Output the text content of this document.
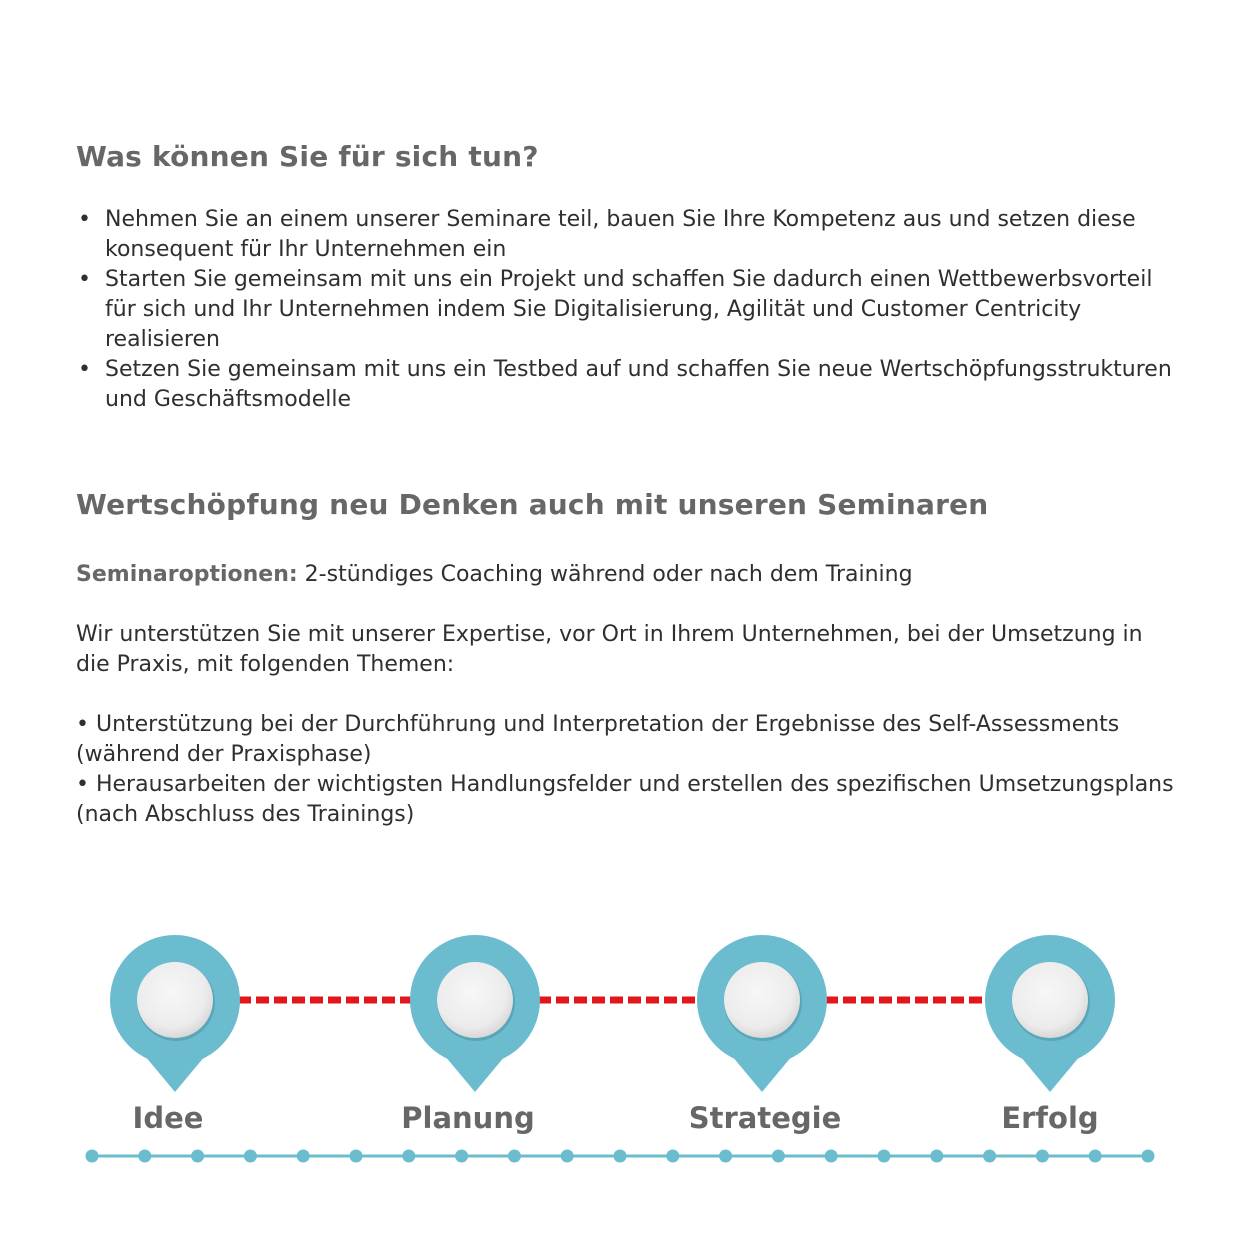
Was können Sie für sich tun?
• Nehmen Sie an einem unserer Seminare teil, bauen Sie Ihre Kompetenz aus und setzen diese konsequent für Ihr Unternehmen ein
• Starten Sie gemeinsam mit uns ein Projekt und schaffen Sie dadurch einen Wettbewerbsvorteil für sich und Ihr Unternehmen indem Sie Digitalisierung, Agilität und Customer Centricity realisieren
• Setzen Sie gemeinsam mit uns ein Testbed auf und schaffen Sie neue Wertschöpfungsstrukturen und Geschäftsmodelle
Wertschöpfung neu Denken auch mit unseren Seminaren

Seminaroptionen: 2-stündiges Coaching während oder nach dem Training

Wir unterstützen Sie mit unserer Expertise, vor Ort in Ihrem Unternehmen, bei der Umsetzung in die Praxis, mit folgenden Themen:

• Unterstützung bei der Durchführung und Interpretation der Ergebnisse des Self-Assessments
(während der Praxisphase)
• Herausarbeiten der wichtigsten Handlungsfelder und erstellen des spezifischen Umsetzungsplans
(nach Abschluss des Trainings)
Idee	Planung	Strategie	Erfolg
